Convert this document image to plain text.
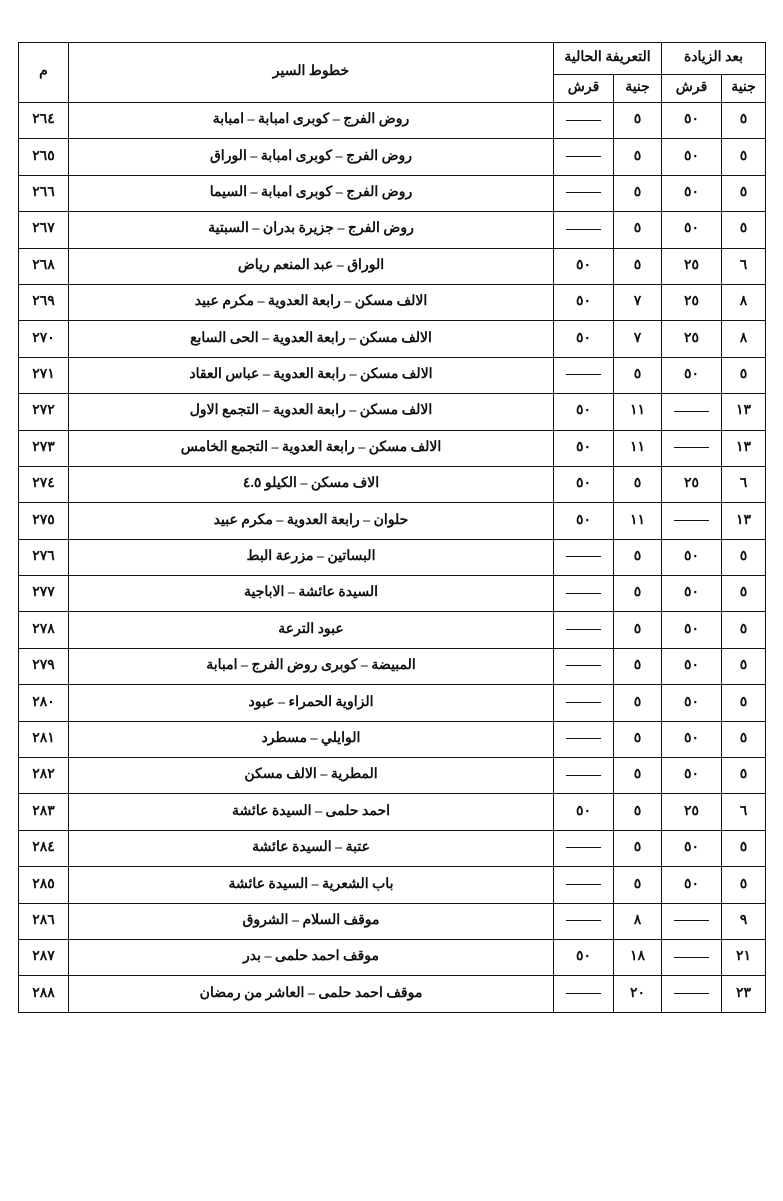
بعد الزيادة		التعريفة الحالية		خطوط السير	م
جنية	قرش	جنية	قرش		
٥	٥٠	٥		روض الفرج – كوبرى امبابة – امبابة	٢٦٤
٥	٥٠	٥		روض الفرج – كوبرى امبابة – الوراق	٢٦٥
٥	٥٠	٥		روض الفرج – كوبرى امبابة – السيما	٢٦٦
٥	٥٠	٥		روض الفرج – جزيرة بدران – السبتية	٢٦٧
٦	٢٥	٥	٥٠	الوراق – عبد المنعم رياض	٢٦٨
٨	٢٥	٧	٥٠	الالف مسكن – رابعة العدوية – مكرم عبيد	٢٦٩
٨	٢٥	٧	٥٠	الالف مسكن – رابعة العدوية – الحى السابع	٢٧٠
٥	٥٠	٥		الالف مسكن – رابعة العدوية – عباس العقاد	٢٧١
١٣		١١	٥٠	الالف مسكن – رابعة العدوية – التجمع الاول	٢٧٢
١٣		١١	٥٠	الالف مسكن – رابعة العدوية – التجمع الخامس	٢٧٣
٦	٢٥	٥	٥٠	الاف مسكن – الكيلو ٤.٥	٢٧٤
١٣		١١	٥٠	حلوان – رابعة العدوية – مكرم عبيد	٢٧٥
٥	٥٠	٥		البساتين – مزرعة البط	٢٧٦
٥	٥٠	٥		السيدة عائشة – الاباجية	٢٧٧
٥	٥٠	٥		عبود الترعة	٢٧٨
٥	٥٠	٥		المبيضة – كوبرى روض الفرج – امبابة	٢٧٩
٥	٥٠	٥		الزاوية الحمراء – عبود	٢٨٠
٥	٥٠	٥		الوايلي – مسطرد	٢٨١
٥	٥٠	٥		المطرية – الالف مسكن	٢٨٢
٦	٢٥	٥	٥٠	احمد حلمى – السيدة عائشة	٢٨٣
٥	٥٠	٥		عتبة – السيدة عائشة	٢٨٤
٥	٥٠	٥		باب الشعرية – السيدة عائشة	٢٨٥
٩		٨		موقف السلام – الشروق	٢٨٦
٢١		١٨	٥٠	موقف احمد حلمى – بدر	٢٨٧
٢٣		٢٠		موقف احمد حلمى – العاشر من رمضان	٢٨٨
